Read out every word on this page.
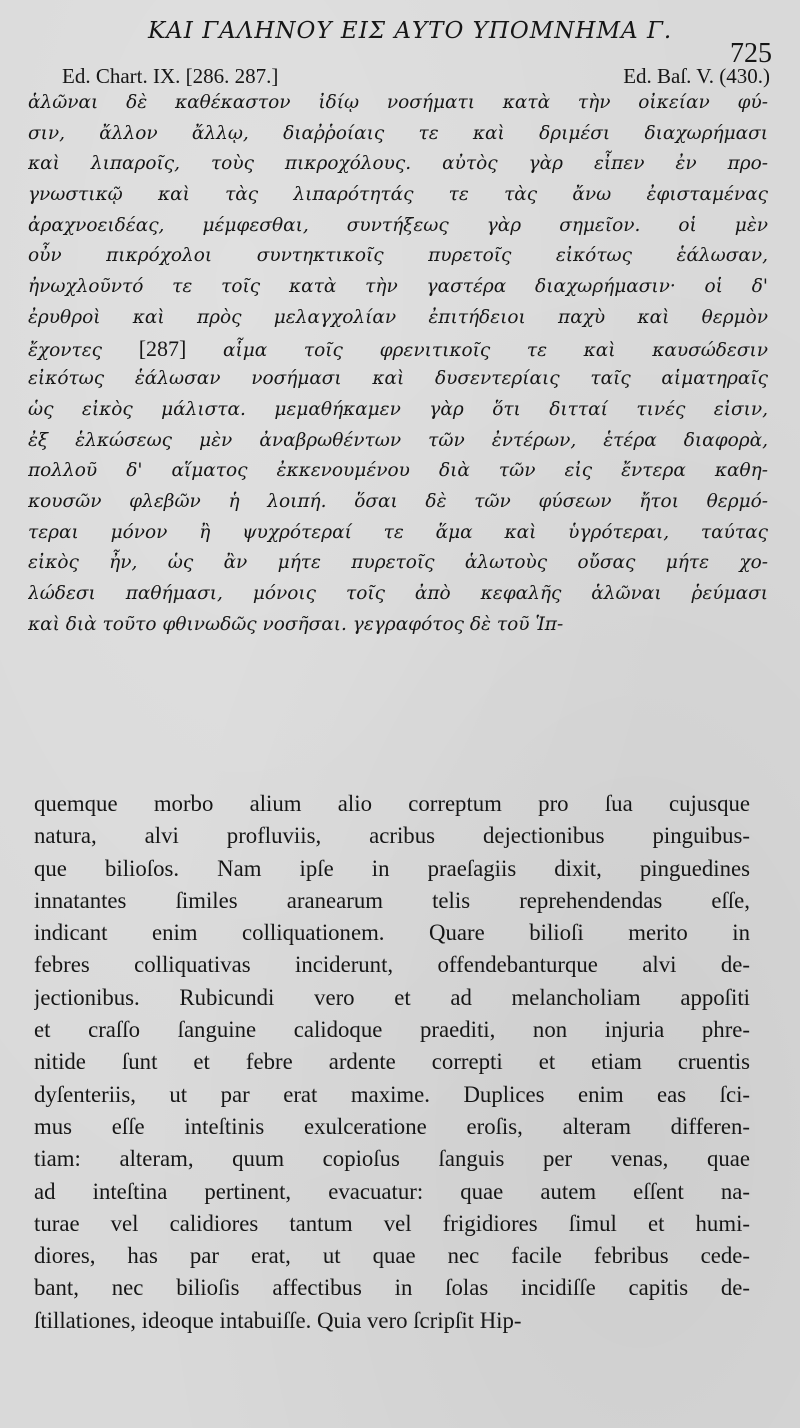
ΚΑΙ ΓΑΛΗΝΟΥ ΕΙΣ ΑΥΤΟ ΥΠΟΜΝΗΜΑ Γ.
725
Ed. Chart. IX. [286. 287.]	Ed. Baſ. V. (430.)
ἁλῶναι δὲ καθέκαστον ἰδίῳ νοσήματι κατὰ τὴν οἰκείαν φύ-
σιν, ἄλλον ἄλλῳ, διαῤῥοίαις τε καὶ δριμέσι διαχωρήμασι
καὶ λιπαροῖς, τοὺς πικροχόλους. αὐτὸς γὰρ εἶπεν ἐν προ-
γνωστικῷ καὶ τὰς λιπαρότητάς τε τὰς ἄνω ἐφισταμένας
ἀραχνοειδέας, μέμφεσθαι, συντήξεως γὰρ σημεῖον. οἱ μὲν
οὖν πικρόχολοι συντηκτικοῖς πυρετοῖς εἰκότως ἑάλωσαν,
ἠνωχλοῦντό τε τοῖς κατὰ τὴν γαστέρα διαχωρήμασιν· οἱ δ'
ἐρυθροὶ καὶ πρὸς μελαγχολίαν ἐπιτήδειοι παχὺ καὶ θερμὸν
ἔχοντες [287] αἷμα τοῖς φρενιτικοῖς τε καὶ καυσώδεσιν
εἰκότως ἑάλωσαν νοσήμασι καὶ δυσεντερίαις ταῖς αἱματηραῖς
ὡς εἰκὸς μάλιστα. μεμαθήκαμεν γὰρ ὅτι διτταί τινές εἰσιν,
ἐξ ἑλκώσεως μὲν ἀναβρωθέντων τῶν ἐντέρων, ἑτέρα διαφορὰ,
πολλοῦ δ' αἵματος ἐκκενουμένου διὰ τῶν εἰς ἔντερα καθη-
κουσῶν φλεβῶν ἡ λοιπή. ὅσαι δὲ τῶν φύσεων ἤτοι θερμό-
τεραι μόνον ἢ ψυχρότεραί τε ἅμα καὶ ὑγρότεραι, ταύτας
εἰκὸς ἦν, ὡς ἂν μήτε πυρετοῖς ἁλωτοὺς οὔσας μήτε χο-
λώδεσι παθήμασι, μόνοις τοῖς ἀπὸ κεφαλῆς ἁλῶναι ῥεύμασι
καὶ διὰ τοῦτο φθινωδῶς νοσῆσαι. γεγραφότος δὲ τοῦ Ἱπ-
quemque morbo alium alio correptum pro ſua cujusque
natura, alvi profluviis, acribus dejectionibus pinguibus-
que bilioſos. Nam ipſe in praeſagiis dixit, pinguedines
innatantes ſimiles aranearum telis reprehendendas eſſe,
indicant enim colliquationem. Quare bilioſi merito in
febres colliquativas inciderunt, offendebanturque alvi de-
jectionibus. Rubicundi vero et ad melancholiam appoſiti
et craſſo ſanguine calidoque praediti, non injuria phre-
nitide ſunt et febre ardente correpti et etiam cruentis
dyſenteriis, ut par erat maxime. Duplices enim eas ſci-
mus eſſe inteſtinis exulceratione eroſis, alteram differen-
tiam: alteram, quum copioſus ſanguis per venas, quae
ad inteſtina pertinent, evacuatur: quae autem eſſent na-
turae vel calidiores tantum vel frigidiores ſimul et humi-
diores, has par erat, ut quae nec facile febribus cede-
bant, nec bilioſis affectibus in ſolas incidiſſe capitis de-
ſtillationes, ideoque intabuiſſe. Quia vero ſcripſit Hip-
